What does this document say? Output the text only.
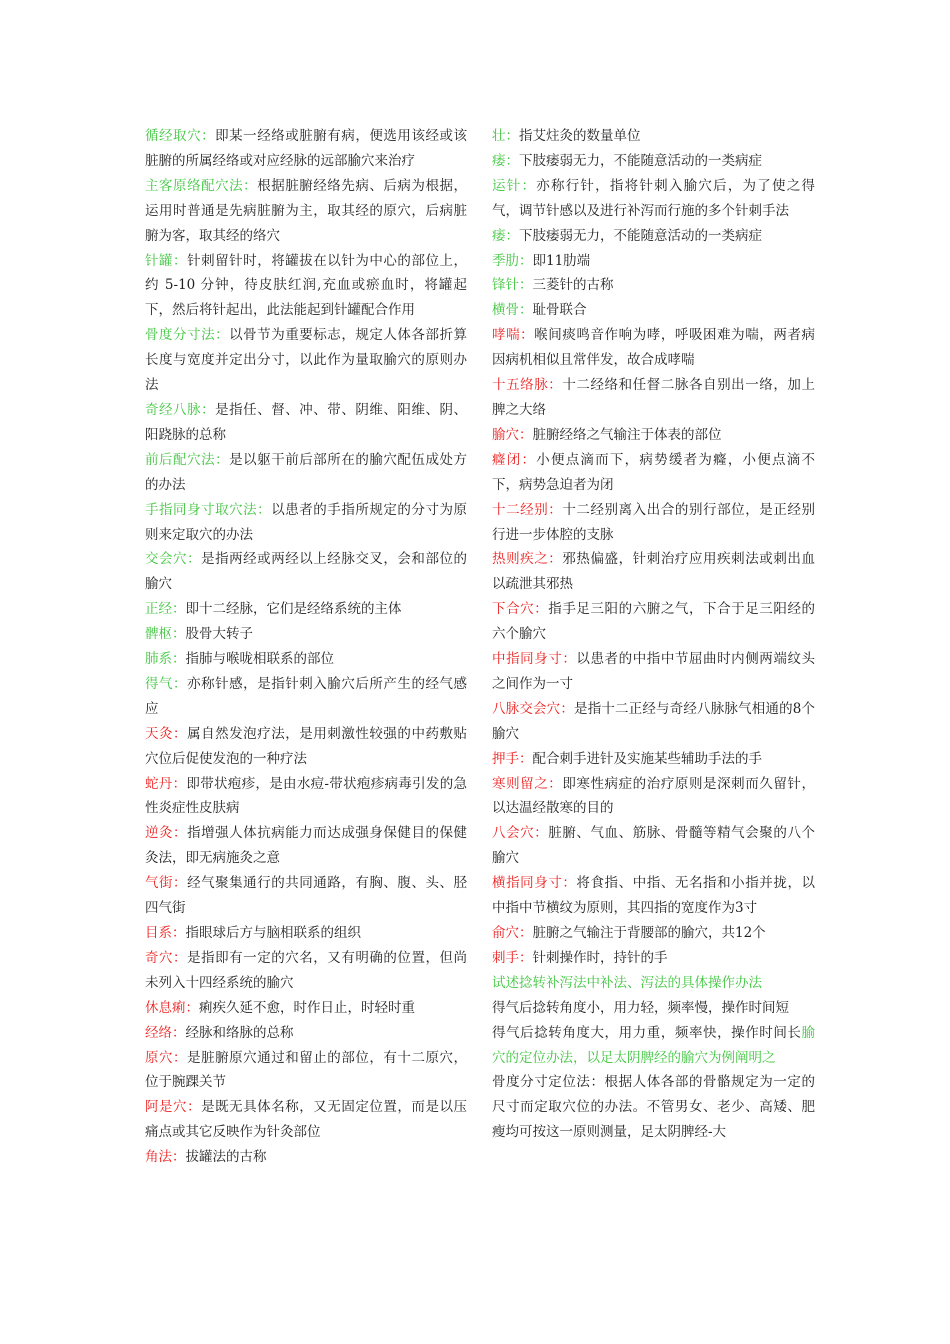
循经取穴：即某一经络或脏腑有病，便选用该经或该脏腑的所属经络或对应经脉的远部腧穴来治疗

主客原络配穴法：根据脏腑经络先病、后病为根据，运用时普通是先病脏腑为主，取其经的原穴，后病脏腑为客，取其经的络穴

针罐：针刺留针时，将罐拔在以针为中心的部位上，约 5-10 分钟，待皮肤红润,充血或瘀血时，将罐起下，然后将针起出，此法能起到针罐配合作用

骨度分寸法：以骨节为重要标志，规定人体各部折算长度与宽度并定出分寸，以此作为量取腧穴的原则办法

奇经八脉：是指任、督、冲、带、阴维、阳维、阴、阳跷脉的总称

前后配穴法：是以躯干前后部所在的腧穴配伍成处方的办法

手指同身寸取穴法：以患者的手指所规定的分寸为原则来定取穴的办法

交会穴：是指两经或两经以上经脉交叉，会和部位的腧穴

正经：即十二经脉，它们是经络系统的主体

髀枢：股骨大转子

肺系：指肺与喉咙相联系的部位

得气：亦称针感，是指针刺入腧穴后所产生的经气感应

天灸：属自然发泡疗法，是用刺激性较强的中药敷贴穴位后促使发泡的一种疗法

蛇丹：即带状疱疹，是由水痘-带状疱疹病毒引发的急性炎症性皮肤病

逆灸：指增强人体抗病能力而达成强身保健目的保健灸法，即无病施灸之意

气街：经气聚集通行的共同通路，有胸、腹、头、胫四气街

目系：指眼球后方与脑相联系的组织

奇穴：是指即有一定的穴名，又有明确的位置，但尚未列入十四经系统的腧穴

休息痢：痢疾久延不愈，时作日止，时轻时重

经络：经脉和络脉的总称

原穴：是脏腑原穴通过和留止的部位，有十二原穴，位于腕踝关节

阿是穴：是既无具体名称，又无固定位置，而是以压痛点或其它反映作为针灸部位

角法：拔罐法的古称

壮：指艾炷灸的数量单位

痿：下肢痿弱无力，不能随意活动的一类病症

运针：亦称行针，指将针刺入腧穴后，为了使之得气，调节针感以及进行补泻而行施的多个针刺手法

痿：下肢痿弱无力，不能随意活动的一类病症

季肋：即11肋端

锋针：三菱针的古称

横骨：耻骨联合

哮喘：喉间痰鸣音作响为哮，呼吸困难为喘，两者病因病机相似且常伴发，故合成哮喘

十五络脉：十二经络和任督二脉各自别出一络，加上脾之大络

腧穴：脏腑经络之气输注于体表的部位

癃闭：小便点滴而下，病势缓者为癃，小便点滴不下，病势急迫者为闭

十二经别：十二经别离入出合的别行部位，是正经别行进一步体腔的支脉

热则疾之：邪热偏盛，针刺治疗应用疾刺法或刺出血以疏泄其邪热

下合穴：指手足三阳的六腑之气，下合于足三阳经的六个腧穴

中指同身寸：以患者的中指中节屈曲时内侧两端纹头之间作为一寸

八脉交会穴：是指十二正经与奇经八脉脉气相通的8个腧穴

押手：配合刺手进针及实施某些辅助手法的手

寒则留之：即寒性病症的治疗原则是深刺而久留针，以达温经散寒的目的

八会穴：脏腑、气血、筋脉、骨髓等精气会聚的八个腧穴

横指同身寸：将食指、中指、无名指和小指并拢，以中指中节横纹为原则，其四指的宽度作为3寸

俞穴：脏腑之气输注于背腰部的腧穴，共12个

刺手：针刺操作时，持针的手

试述捻转补泻法中补法、泻法的具体操作办法

得气后捻转角度小，用力轻，频率慢，操作时间短

得气后捻转角度大，用力重，频率快，操作时间长腧穴的定位办法，以足太阴脾经的腧穴为例阐明之

骨度分寸定位法：根据人体各部的骨骼规定为一定的尺寸而定取穴位的办法。不管男女、老少、高矮、肥瘦均可按这一原则测量，足太阴脾经-大
